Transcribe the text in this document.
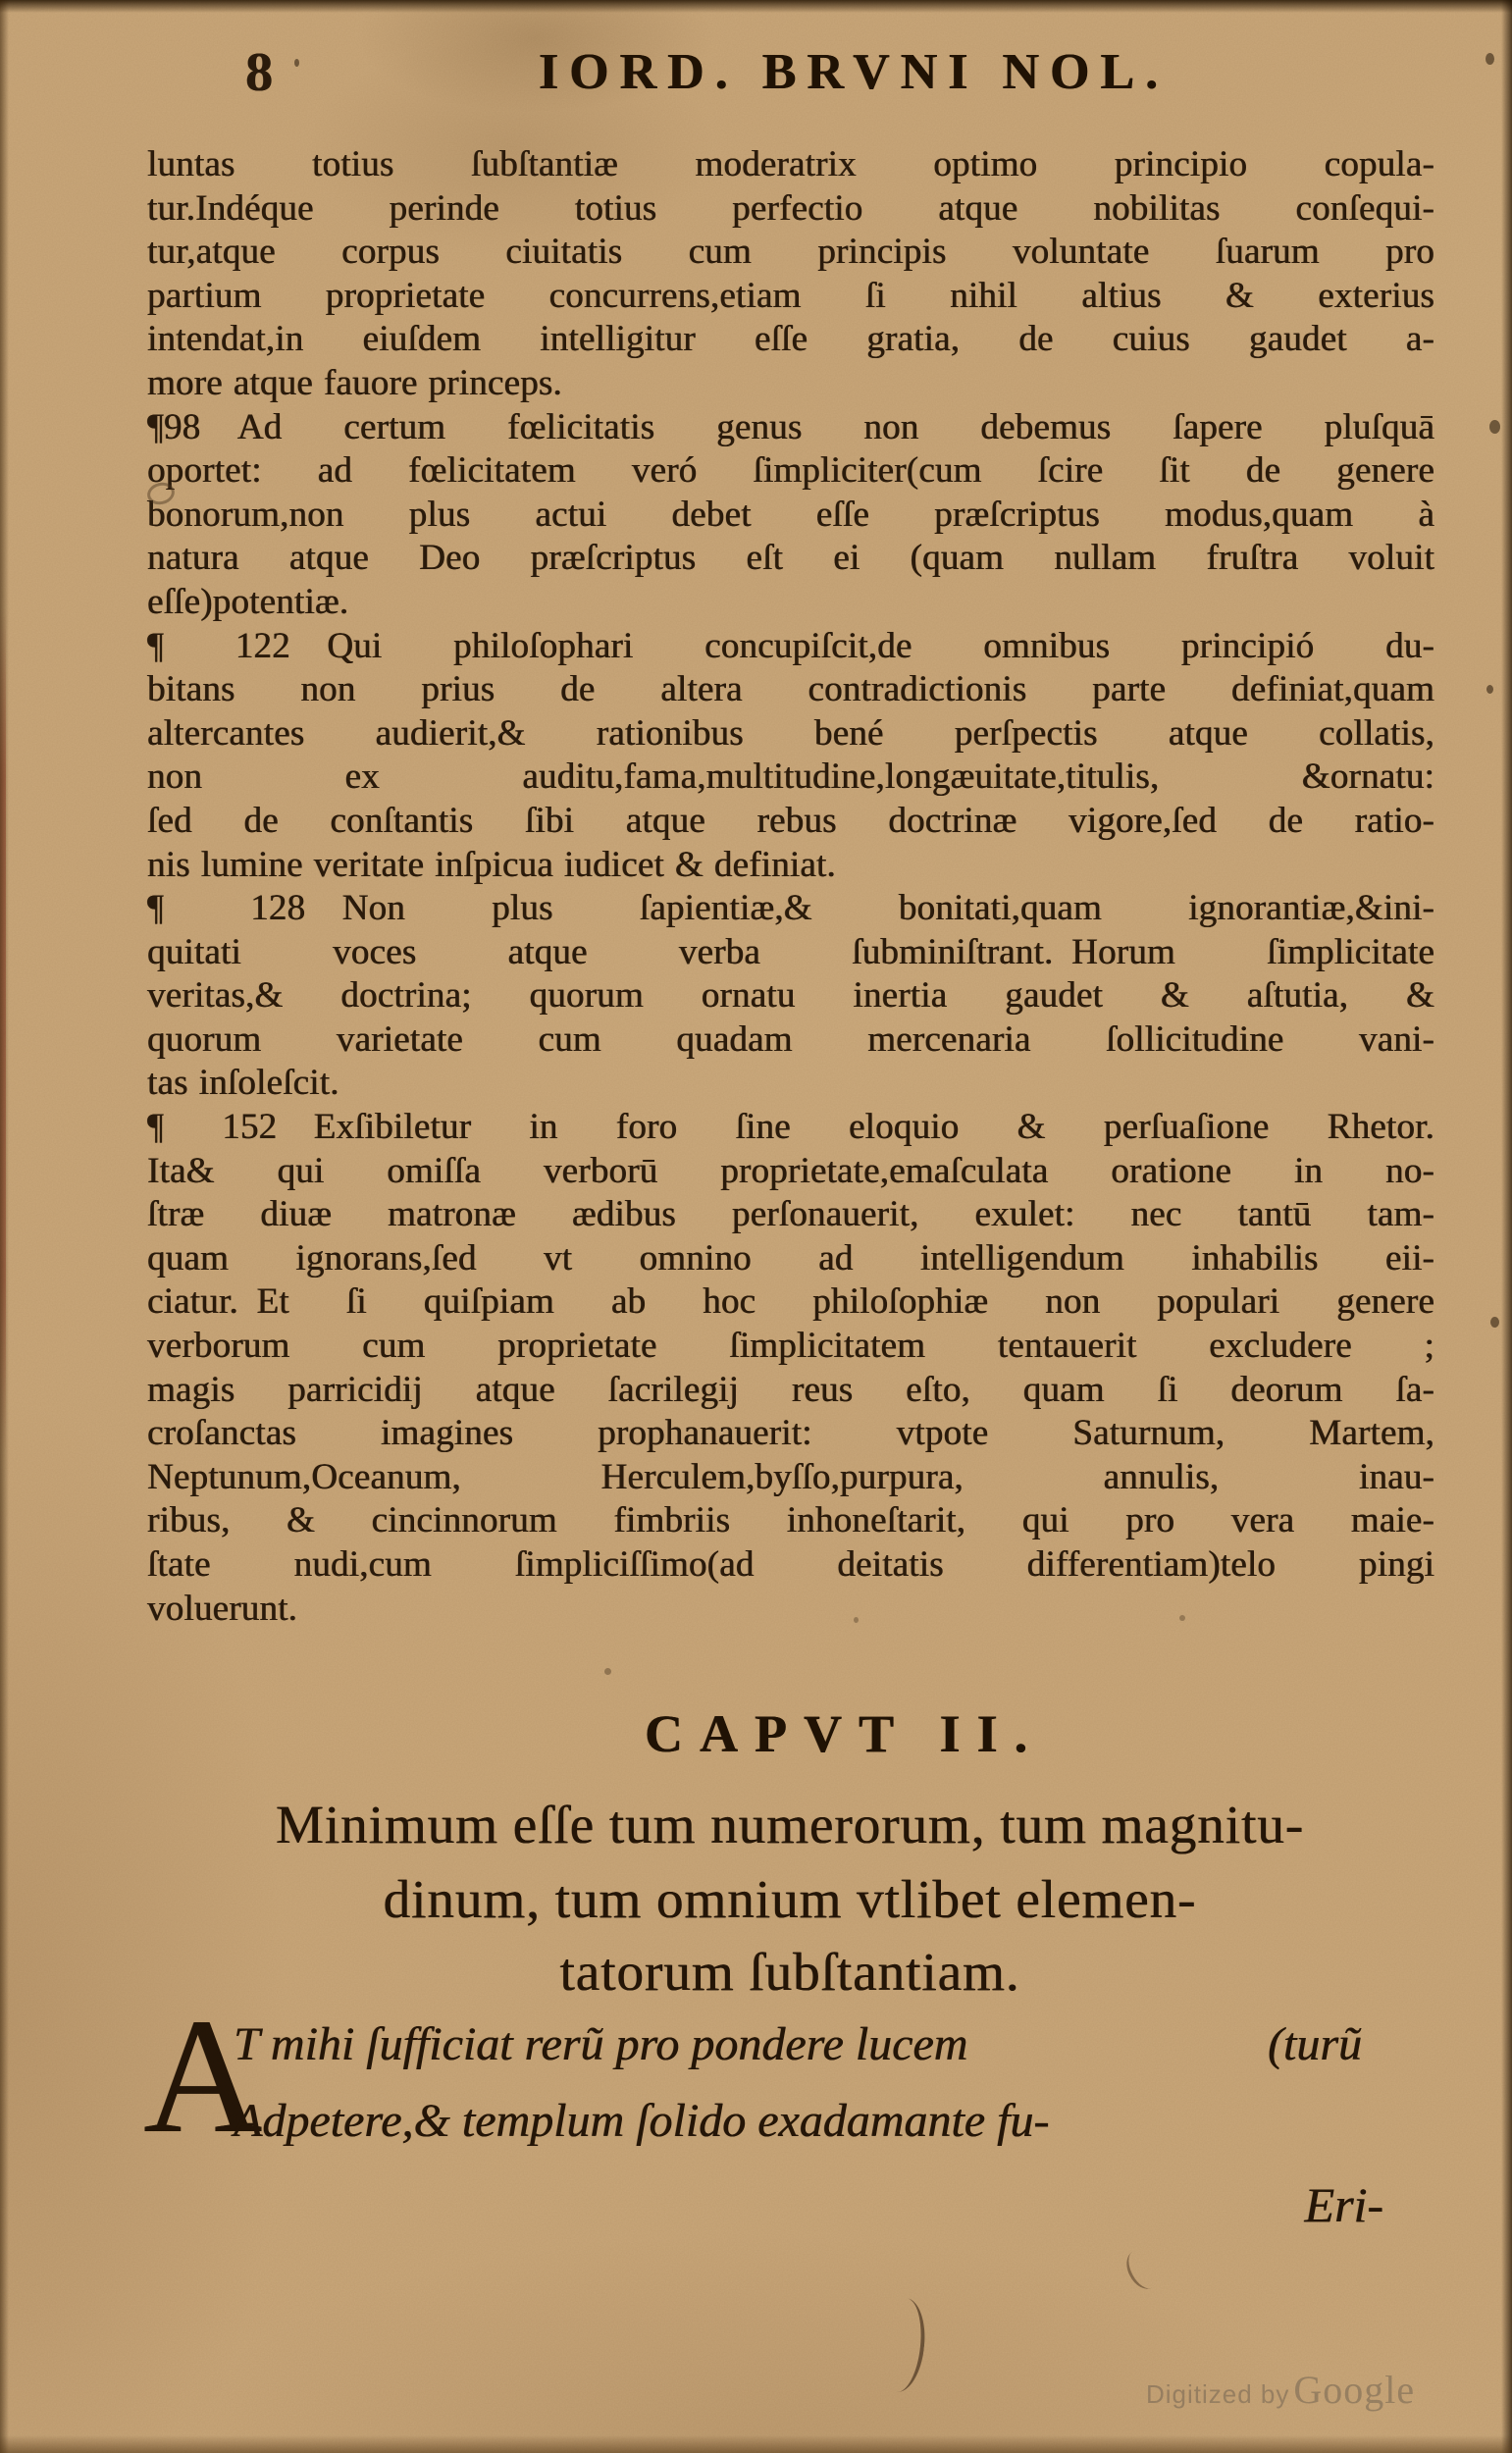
8	IORD. BRVNI NOL.
luntas totius ſubſtantiæ moderatrix optimo principio copula-
tur.Indéque perinde totius perfectio atque nobilitas conſequi-
tur,atque corpus ciuitatis cum principis voluntate ſuarum pro
partium proprietate concurrens,etiam ſi nihil altius & exterius
intendat,in eiuſdem intelligitur eſſe gratia, de cuius gaudet a-
more atque fauore princeps.
¶98  Ad certum fœlicitatis genus non debemus ſapere pluſquā
oportet: ad fœlicitatem veró ſimpliciter(cum ſcire ſit de genere
bonorum,non plus actui debet eſſe præſcriptus modus,quam à
natura atque Deo præſcriptus eſt ei (quam nullam fruſtra voluit
eſſe)potentiæ.
¶ 122  Qui philoſophari concupiſcit,de omnibus principió du-
bitans non prius de altera contradictionis parte definiat,quam
altercantes audierit,& rationibus bené perſpectis atque collatis,
non ex auditu,fama,multitudine,longæuitate,titulis, &ornatu:
ſed de conſtantis ſibi atque rebus doctrinæ vigore,ſed de ratio-
nis lumine veritate inſpicua iudicet & definiat.
¶ 128  Non plus ſapientiæ,& bonitati,quam ignorantiæ,&ini-
quitati voces atque verba ſubminiſtrant. Horum ſimplicitate
veritas,& doctrina; quorum ornatu inertia gaudet & aſtutia, &
quorum varietate cum quadam mercenaria ſollicitudine vani-
tas inſoleſcit.
¶ 152  Exſibiletur in foro ſine eloquio & perſuaſione Rhetor.
Ita& qui omiſſa verborū proprietate,emaſculata oratione in no-
ſtræ diuæ matronæ ædibus perſonauerit, exulet: nec tantū tam-
quam ignorans,ſed vt omnino ad intelligendum inhabilis eii-
ciatur. Et ſi quiſpiam ab hoc philoſophiæ non populari genere
verborum cum proprietate ſimplicitatem tentauerit excludere ;
magis parricidij atque ſacrilegij reus eſto, quam ſi deorum ſa-
croſanctas imagines prophanauerit: vtpote Saturnum, Martem,
Neptunum,Oceanum, Herculem,byſſo,purpura, annulis, inau-
ribus, & cincinnorum fimbriis inhoneſtarit, qui pro vera maie-
ſtate nudi,cum ſimpliciſſimo(ad deitatis differentiam)telo pingi
voluerunt.
CAPVT II.
Minimum eſſe tum numerorum, tum magnitu-
dinum, tum omnium vtlibet elemen-
tatorum ſubſtantiam.
A
T mihi ſufficiat rerũ pro pondere lucem	(turũ
Adpetere,& templum ſolido exadamante fu-
Eri-
Digitized by Google
